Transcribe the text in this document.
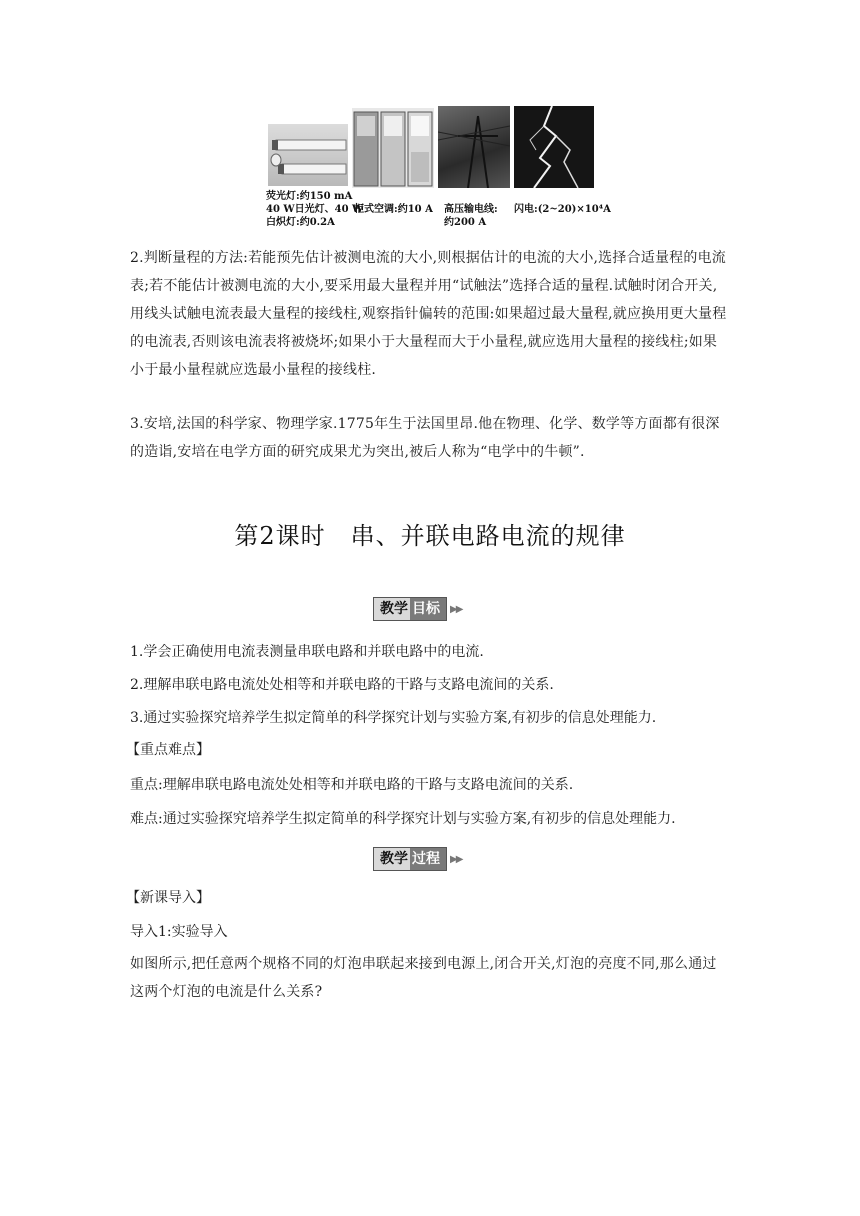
荧光灯:约150 mA
40 W日光灯、40 W
白炽灯:约0.2A
柜式空调:约10 A 高压输电线:
约200 A
闪电:(2~20)×10⁴A
2.判断量程的方法:若能预先估计被测电流的大小,则根据估计的电流的大小,选择合适量程的电流表;若不能估计被测电流的大小,要采用最大量程并用“试触法”选择合适的量程.试触时闭合开关,用线头试触电流表最大量程的接线柱,观察指针偏转的范围:如果超过最大量程,就应换用更大量程的电流表,否则该电流表将被烧坏;如果小于大量程而大于小量程,就应选用大量程的接线柱;如果小于最小量程就应选最小量程的接线柱.
3.安培,法国的科学家、物理学家.1775年生于法国里昂.他在物理、化学、数学等方面都有很深的造诣,安培在电学方面的研究成果尤为突出,被后人称为“电学中的牛顿”.
第2课时　串、并联电路电流的规律
教学 目标	▶▶
1.学会正确使用电流表测量串联电路和并联电路中的电流.
2.理解串联电路电流处处相等和并联电路的干路与支路电流间的关系.
3.通过实验探究培养学生拟定简单的科学探究计划与实验方案,有初步的信息处理能力.
【重点难点】
重点:理解串联电路电流处处相等和并联电路的干路与支路电流间的关系.
难点:通过实验探究培养学生拟定简单的科学探究计划与实验方案,有初步的信息处理能力.
教学 过程	▶▶
【新课导入】
导入1:实验导入
如图所示,把任意两个规格不同的灯泡串联起来接到电源上,闭合开关,灯泡的亮度不同,那么通过这两个灯泡的电流是什么关系?
